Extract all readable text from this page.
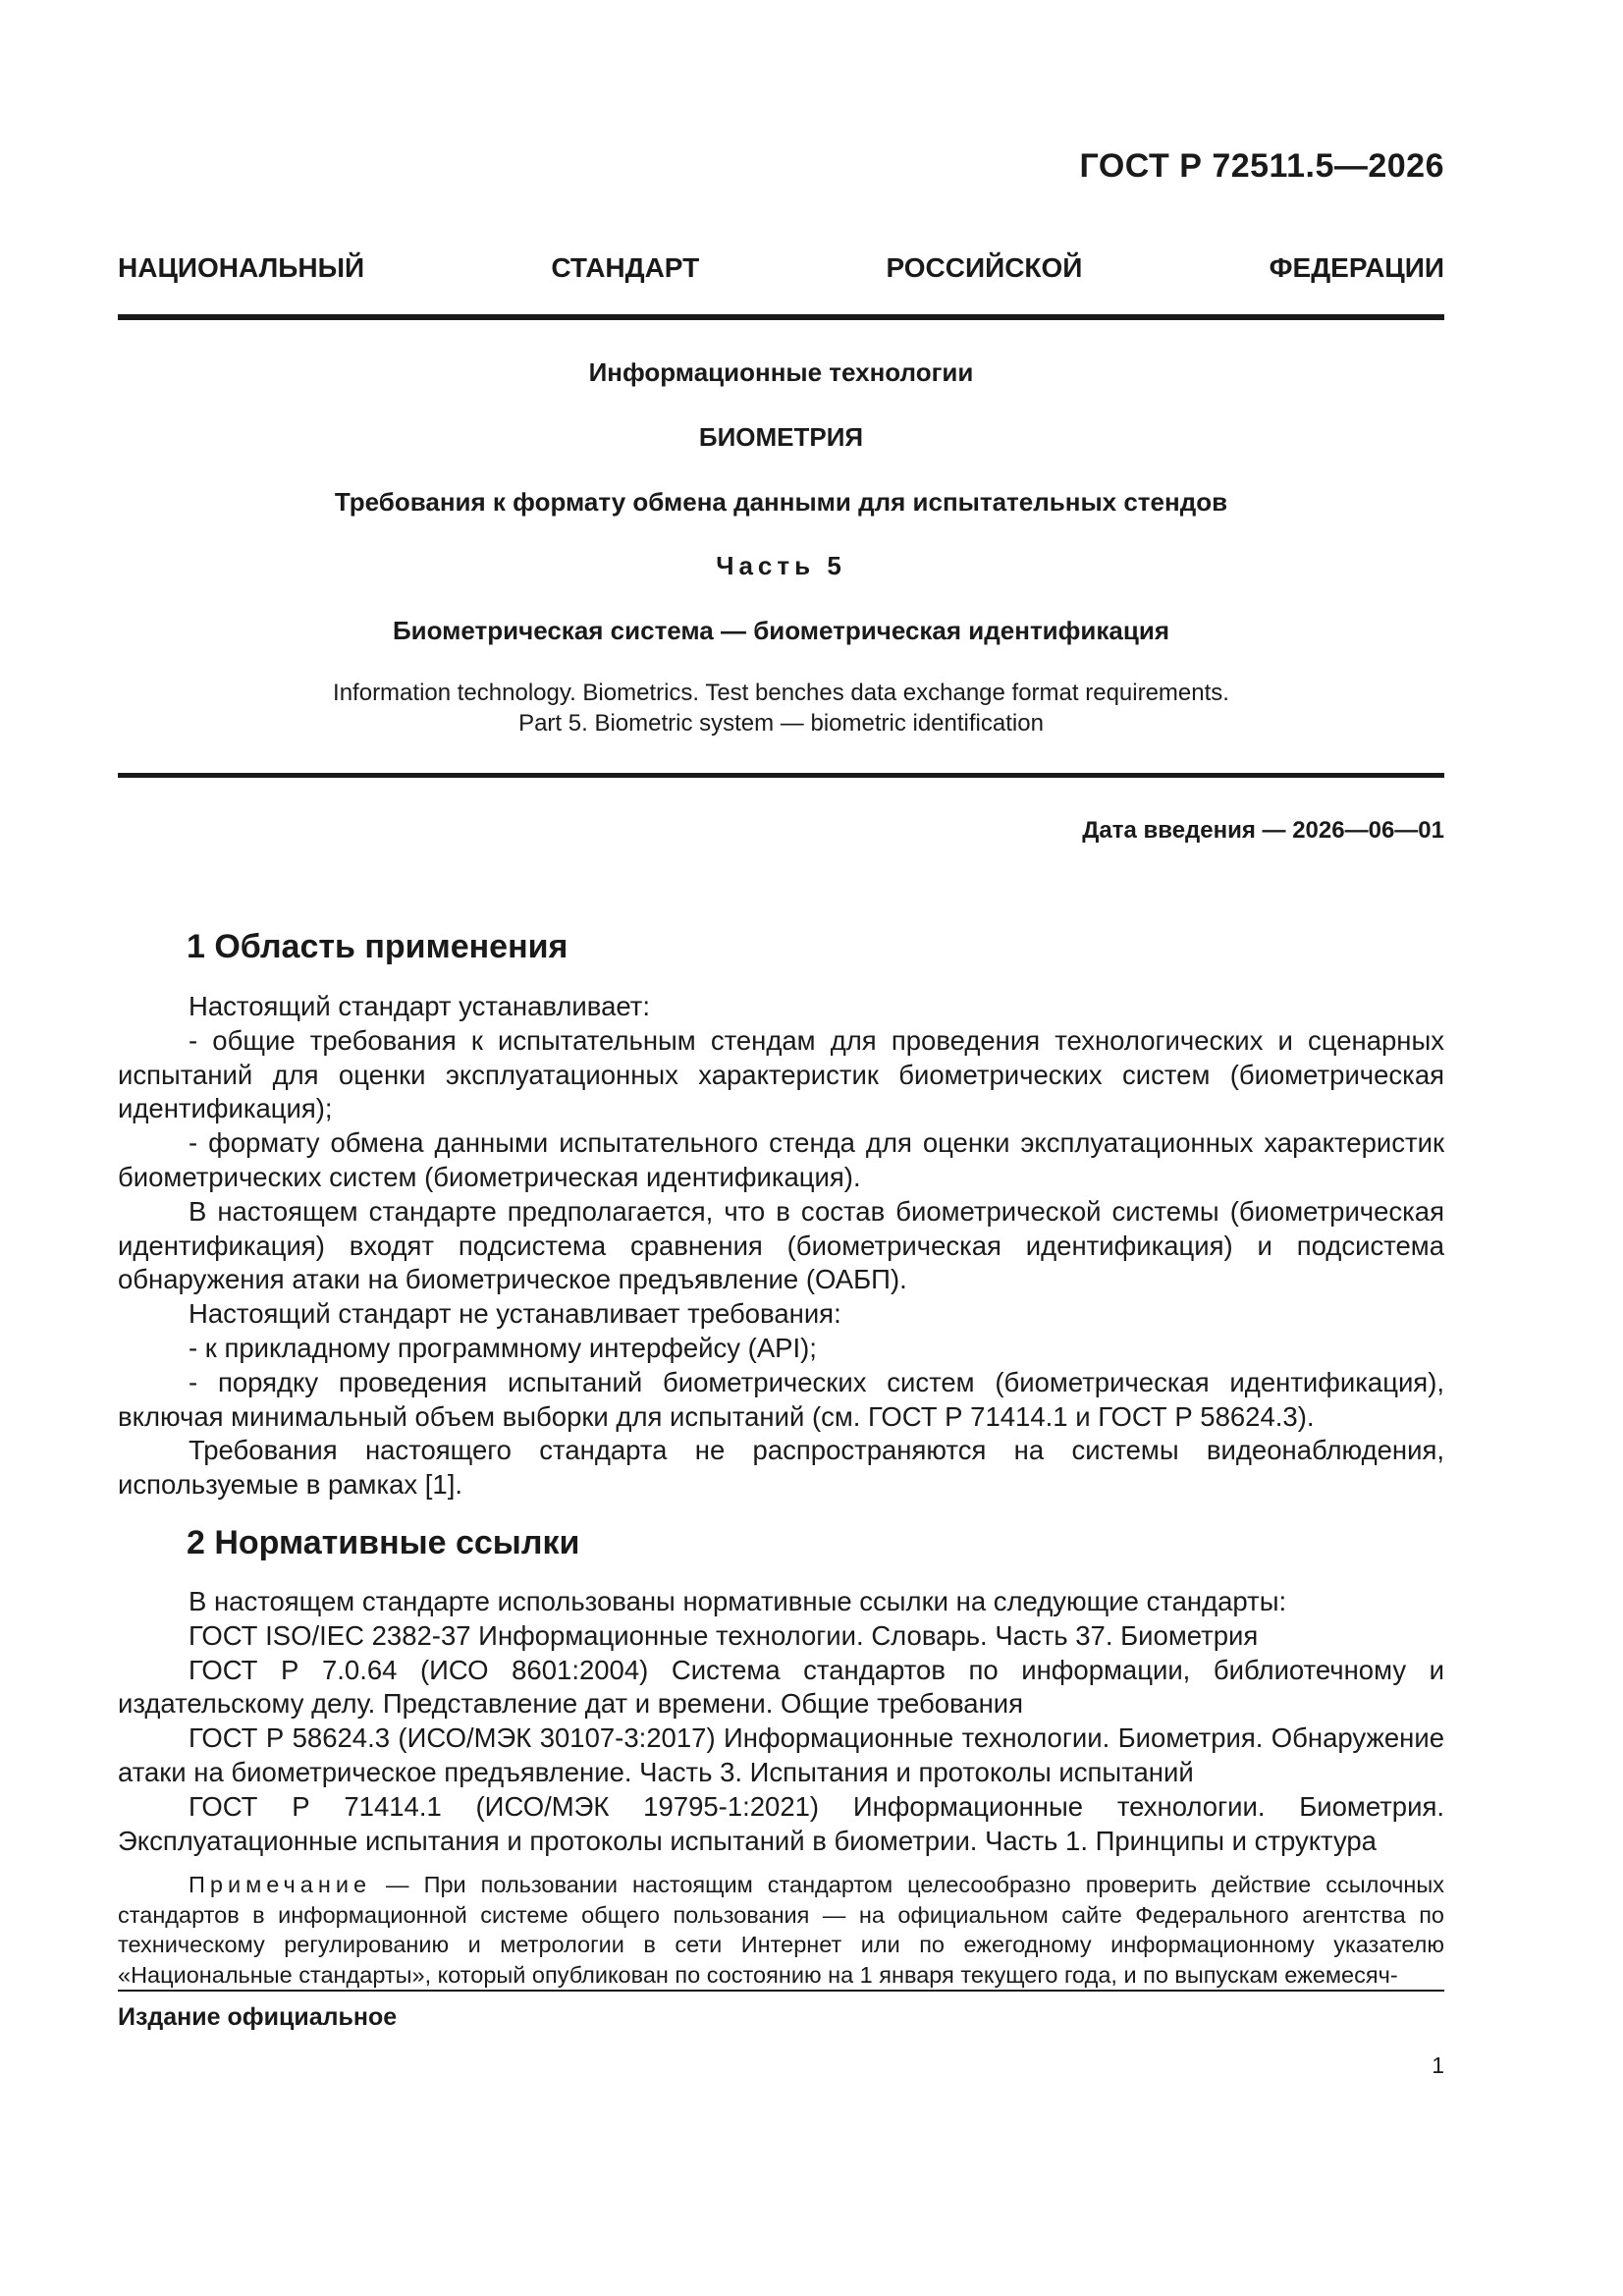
ГОСТ Р 72511.5—2026
НАЦИОНАЛЬНЫЙ СТАНДАРТ РОССИЙСКОЙ ФЕДЕРАЦИИ
Информационные технологии
БИОМЕТРИЯ
Требования к формату обмена данными для испытательных стендов
Часть 5
Биометрическая система — биометрическая идентификация
Information technology. Biometrics. Test benches data exchange format requirements.
Part 5. Biometric system — biometric identification
Дата введения — 2026—06—01
1 Область применения

Настоящий стандарт устанавливает:

- общие требования к испытательным стендам для проведения технологических и сценарных испытаний для оценки эксплуатационных характеристик биометрических систем (биометрическая идентификация);

- формату обмена данными испытательного стенда для оценки эксплуатационных характеристик биометрических систем (биометрическая идентификация).

В настоящем стандарте предполагается, что в состав биометрической системы (биометрическая идентификация) входят подсистема сравнения (биометрическая идентификация) и подсистема обнаружения атаки на биометрическое предъявление (ОАБП).

Настоящий стандарт не устанавливает требования:

- к прикладному программному интерфейсу (API);

- порядку проведения испытаний биометрических систем (биометрическая идентификация), включая минимальный объем выборки для испытаний (см. ГОСТ Р 71414.1 и ГОСТ Р 58624.3).

Требования настоящего стандарта не распространяются на системы видеонаблюдения, используемые в рамках [1].

2 Нормативные ссылки

В настоящем стандарте использованы нормативные ссылки на следующие стандарты:

ГОСТ ISO/IEC 2382-37 Информационные технологии. Словарь. Часть 37. Биометрия

ГОСТ Р 7.0.64 (ИСО 8601:2004) Система стандартов по информации, библиотечному и издательскому делу. Представление дат и времени. Общие требования

ГОСТ Р 58624.3 (ИСО/МЭК 30107-3:2017) Информационные технологии. Биометрия. Обнаружение атаки на биометрическое предъявление. Часть 3. Испытания и протоколы испытаний

ГОСТ Р 71414.1 (ИСО/МЭК 19795-1:2021) Информационные технологии. Биометрия. Эксплуатационные испытания и протоколы испытаний в биометрии. Часть 1. Принципы и структура

Примечание — При пользовании настоящим стандартом целесообразно проверить действие ссылочных стандартов в информационной системе общего пользования — на официальном сайте Федерального агентства по техническому регулированию и метрологии в сети Интернет или по ежегодному информационному указателю «Национальные стандарты», который опубликован по состоянию на 1 января текущего года, и по выпускам ежемесяч-
Издание официальное
1
